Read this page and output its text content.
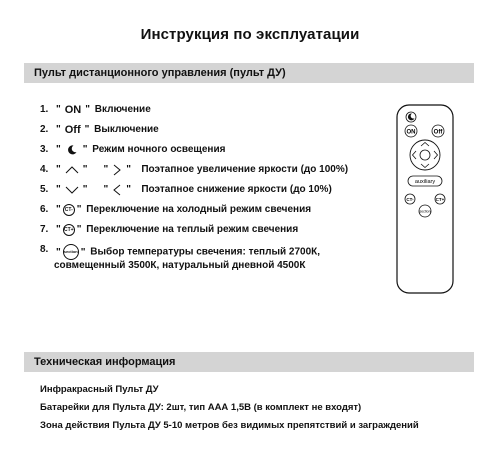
Инструкция по эксплуатации
Пульт дистанционного управления (пульт ДУ)
1. " ON "
Включение
2. " Off "
Выключение
3. " "
Режим ночного освещения
4. " " " "
Поэтапное увеличение яркости (до 100%)
5. " " " "
Поэтапное снижение яркости (до 10%)
6. " CT- "
Переключение на холодный режим свечения
7. " CT+ "
Переключение на теплый режим свечения
8. " section " Выбор температуры свечения: теплый 2700К, совмещенный 3500К, натуральный дневной 4500К
ON	Off
auxiliary
CT-	CT+
section
Техническая информация
Инфракрасный Пульт ДУ
Батарейки для Пульта ДУ: 2шт, тип ААА 1,5В (в комплект не входят)
Зона действия Пульта ДУ 5-10 метров без видимых препятствий и заграждений
